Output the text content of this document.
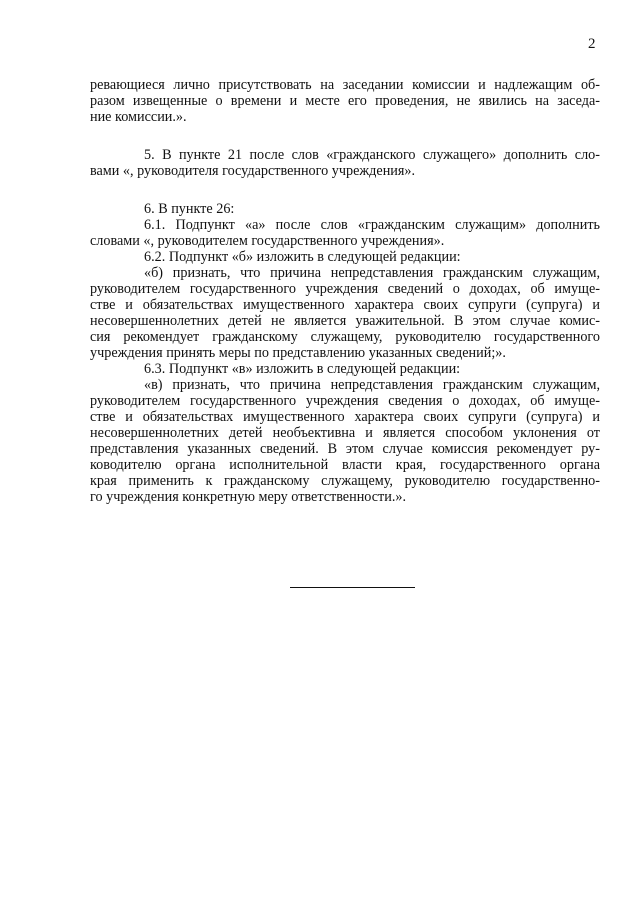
2
ревающиеся лично присутствовать на заседании комиссии и надлежащим об-
разом извещенные о времени и месте его проведения, не явились на заседа-
ние комиссии.».
5. В пункте 21 после слов «гражданского служащего» дополнить сло-
вами «, руководителя государственного учреждения».
6. В пункте 26:
6.1. Подпункт «а» после слов «гражданским служащим» дополнить
словами «, руководителем государственного учреждения».
6.2. Подпункт «б» изложить в следующей редакции:
«б) признать, что причина непредставления гражданским служащим,
руководителем государственного учреждения сведений о доходах, об имуще-
стве и обязательствах имущественного характера своих супруги (супруга) и
несовершеннолетних детей не является уважительной. В этом случае комис-
сия рекомендует гражданскому служащему, руководителю государственного
учреждения принять меры по представлению указанных сведений;».
6.3. Подпункт «в» изложить в следующей редакции:
«в) признать, что причина непредставления гражданским служащим,
руководителем государственного учреждения сведения о доходах, об имуще-
стве и обязательствах имущественного характера своих супруги (супруга) и
несовершеннолетних детей необъективна и является способом уклонения от
представления указанных сведений. В этом случае комиссия рекомендует ру-
ководителю органа исполнительной власти края, государственного органа
края применить к гражданскому служащему, руководителю государственно-
го учреждения конкретную меру ответственности.».
